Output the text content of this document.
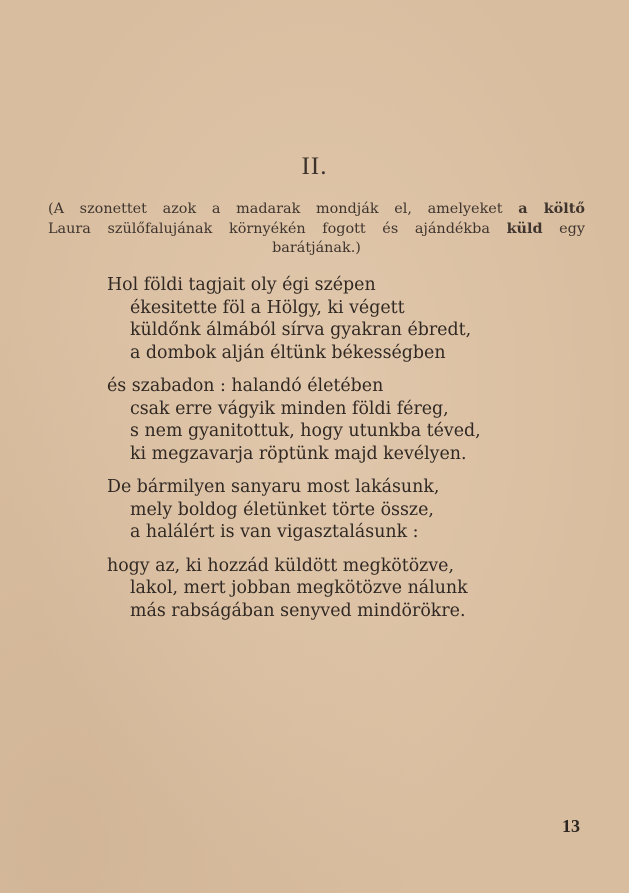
II.
(A szonettet azok a madarak mondják el, amelyeket a költő
Laura szülőfalujának környékén fogott és ajándékba küld egy
barátjának.)
Hol földi tagjait oly égi szépen
ékesitette föl a Hölgy, ki végett
küldőnk álmából sírva gyakran ébredt,
a dombok alján éltünk békességben
és szabadon : halandó életében
csak erre vágyik minden földi féreg,
s nem gyanitottuk, hogy utunkba téved,
ki megzavarja röptünk majd kevélyen.
De bármilyen sanyaru most lakásunk,
mely boldog életünket törte össze,
a halálért is van vigasztalásunk :
hogy az, ki hozzád küldött megkötözve,
lakol, mert jobban megkötözve nálunk
más rabságában senyved mindörökre.
13
